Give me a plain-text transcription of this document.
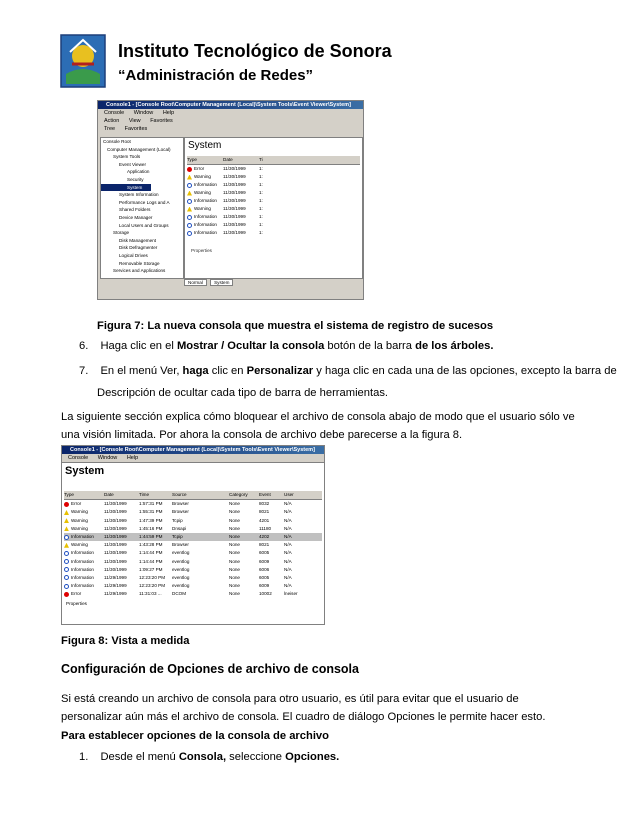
Instituto Tecnológico de Sonora
“Administración de Redes”
Console1 - [Console Root\Computer Management (Local)\System Tools\Event Viewer\System]
Console Window Help
Action View Favorites
Tree Favorites
Console Root
Computer Management (Local)
System Tools
Event Viewer
Application
Security
System
System Information
Performance Logs and A
Shared Folders
Device Manager
Local Users and Groups
Storage
Disk Management
Disk Defragmenter
Logical Drives
Removable Storage
Services and Applications
System
Type	Date	Ti
Error	11/30/1999	1:
Warning	11/30/1999	1:
Information 11/30/1999	1:
Warning	11/30/1999	1:
Information 11/30/1999	1:
Warning	11/30/1999	1:
Information 11/30/1999	1:
Information 11/30/1999	1:
Information 11/30/1999	1:
Properties
Normal System
Figura 7: La nueva consola que muestra el sistema de registro de sucesos
6. Haga clic en el Mostrar / Ocultar la consola botón de la barra de los árboles.
7. En el menú Ver, haga clic en Personalizar y haga clic en cada una de las opciones, excepto la barra de
Descripción de ocultar cada tipo de barra de herramientas.
La siguiente sección explica cómo bloquear el archivo de consola abajo de modo que el usuario sólo ve una visión limitada. Por ahora la consola de archivo debe parecerse a la figura 8.
Console1 - [Console Root\Computer Management (Local)\System Tools\Event Viewer\System]
Console Window Help
System
Type	Date	Time	Source	Category	Event	User
Error	11/30/1999	1:57:31 PM	Browser	None	8032	N/A
Warning	11/30/1999	1:55:31 PM	Browser	None	8021	N/A
Warning	11/30/1999	1:47:39 PM	Tcpip	None	4201	N/A
Warning	11/30/1999	1:45:16 PM	Dnsapi	None	11180	N/A
Information 11/30/1999	1:44:59 PM	Tcpip	None	4202	N/A
Warning	11/30/1999	1:43:28 PM	Browser	None	8021	N/A
Information 11/30/1999	1:14:44 PM	eventlog	None	6005	N/A
Information 11/30/1999	1:14:44 PM	eventlog	None	6009	N/A
Information 11/30/1999	1:09:27 PM	eventlog	None	6006	N/A
Information 11/29/1999	12:23:20 PM	eventlog	None	6005	N/A
Information 11/29/1999	12:23:20 PM	eventlog	None	6009	N/A
Error	11/29/1999	11:31:03 ...	DCOM	None	10002	lneiser
Properties
Figura 8: Vista a medida
Configuración de Opciones de archivo de consola
Si está creando un archivo de consola para otro usuario, es útil para evitar que el usuario de personalizar aún más el archivo de consola. El cuadro de diálogo Opciones le permite hacer esto.
Para establecer opciones de la consola de archivo
1. Desde el menú Consola, seleccione Opciones.
